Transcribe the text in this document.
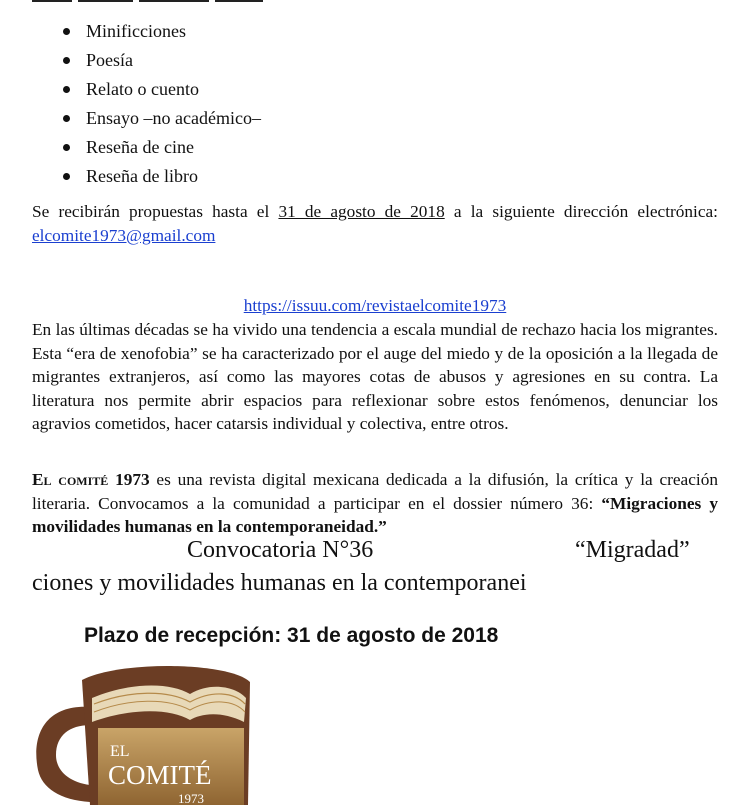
Minificciones
Poesía
Relato o cuento
Ensayo –no académico–
Reseña de cine
Reseña de libro

Se recibirán propuestas hasta el 31 de agosto de 2018 a la siguiente dirección electrónica: elcomite1973@gmail.com

https://issuu.com/revistaelcomite1973

En las últimas décadas se ha vivido una tendencia a escala mundial de rechazo hacia los migrantes. Esta “era de xenofobia” se ha caracterizado por el auge del miedo y de la oposición a la llegada de migrantes extranjeros, así como las mayores cotas de abusos y agresiones en su contra. La literatura nos permite abrir espacios para reflexionar sobre estos fenómenos, denunciar los agravios cometidos, hacer catarsis individual y colectiva, entre otros.

El comité 1973 es una revista digital mexicana dedicada a la difusión, la crítica y la creación literaria. Convocamos a la comunidad a participar en el dossier número 36: “Migraciones y movilidades humanas en la contemporaneidad.”

Convocatoria N°36	“Migradad”
ciones y movilidades humanas en la contemporanei
Plazo de recepción: 31 de agosto de 2018
EL
COMITÉ
1973
